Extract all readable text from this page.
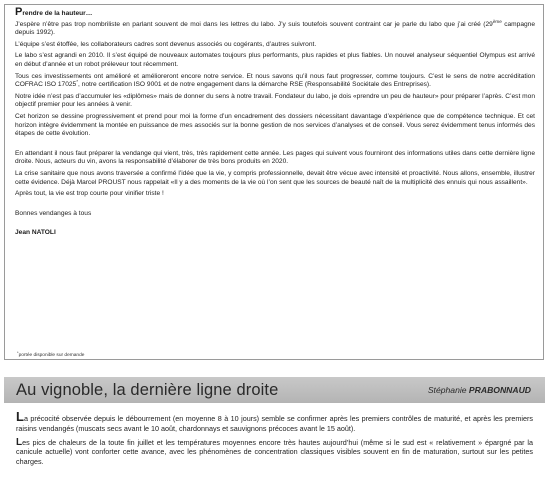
Prendre de la hauteur…

J’espère n’être pas trop nombriliste en parlant souvent de moi dans les lettres du labo. J’y suis toutefois souvent contraint car je parle du labo que j’ai créé (29ème campagne depuis 1992).

L’équipe s’est étoffée, les collaborateurs cadres sont devenus associés ou cogérants, d’autres suivront.

Le labo s’est agrandi en 2010. Il s’est équipé de nouveaux automates toujours plus performants, plus rapides et plus fiables. Un nouvel analyseur séquentiel Olympus est arrivé en début d’année et un robot préleveur tout récemment.

Tous ces investissements ont amélioré et amélioreront encore notre service. Et nous savons qu’il nous faut progresser, comme toujours. C’est le sens de notre accréditation COFRAC ISO 17025*, notre certification ISO 9001 et de notre engagement dans la démarche RSE (Responsabilité Sociétale des Entreprises).

Notre idée n’est pas d’accumuler les «diplômes» mais de donner du sens à notre travail. Fondateur du labo, je dois «prendre un peu de hauteur» pour préparer l’après. C’est mon objectif premier pour les années à venir.

Cet horizon se dessine progressivement et prend pour moi la forme d’un encadrement des dossiers nécessitant davantage d’expérience que de compétence technique. Et cet horizon intègre évidemment la montée en puissance de mes associés sur la bonne gestion de nos services d’analyses et de conseil. Vous serez évidemment tenus informés des étapes de cette évolution.

En attendant il nous faut préparer la vendange qui vient, très, très rapidement cette année. Les pages qui suivent vous fourniront des informations utiles dans cette dernière ligne droite. Nous, acteurs du vin, avons la responsabilité d’élaborer de très bons produits en 2020.

La crise sanitaire que nous avons traversée a confirmé l’idée que la vie, y compris professionnelle, devait être vécue avec intensité et proactivité. Nous allons, ensemble, illustrer cette évidence. Déjà Marcel PROUST nous rappelait «Il y a des moments de la vie où l’on sent que les sources de beauté naît de la multiplicité des ennuis qui nous assaillent».

Après tout, la vie est trop courte pour vinifier triste !

Bonnes vendanges à tous

Jean NATOLI

*portée disponible sur demande
Au vignoble, la dernière ligne droite	Stéphanie PRABONNAUD

La précocité observée depuis le débourrement (en moyenne 8 à 10 jours) semble se confirmer après les premiers contrôles de maturité, et après les premiers raisins vendangés (muscats secs avant le 10 août, chardonnays et sauvignons précoces avant le 15 août).

Les pics de chaleurs de la toute fin juillet et les températures moyennes encore très hautes aujourd’hui (même si le sud est « relativement » épargné par la canicule actuelle) vont conforter cette avance, avec les phénomènes de concentration classiques visibles souvent en fin de maturation, surtout sur les petites charges.
